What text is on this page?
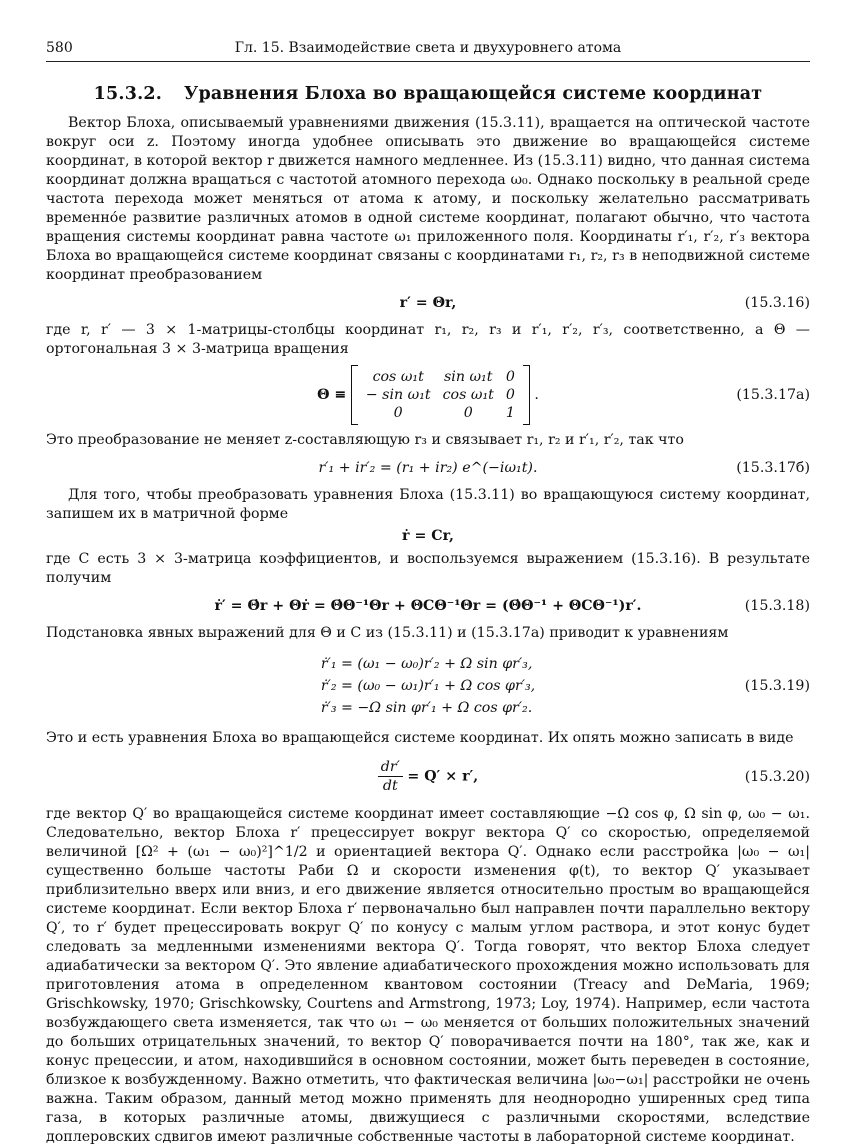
580	Гл. 15. Взаимодействие света и двухуровнего атома
15.3.2. Уравнения Блоха во вращающейся системе координат

Вектор Блоха, описываемый уравнениями движения (15.3.11), вращается на оптической частоте вокруг оси z. Поэтому иногда удобнее описывать это движение во вращающейся системе координат, в которой вектор r движется намного медленнее. Из (15.3.11) видно, что данная система координат должна вращаться с частотой атомного перехода ω₀. Однако поскольку в реальной среде частота перехода может меняться от атома к атому, и поскольку желательно рассматривать временно́е развитие различных атомов в одной системе координат, полагают обычно, что частота вращения системы координат равна частоте ω₁ приложенного поля. Координаты r′₁, r′₂, r′₃ вектора Блоха во вращающейся системе координат связаны с координатами r₁, r₂, r₃ в неподвижной системе координат преобразованием

r′ = Θr,	(15.3.16)

где r, r′ — 3 × 1-матрицы-столбцы координат r₁, r₂, r₃ и r′₁, r′₂, r′₃, соответственно, а Θ — ортогональная 3 × 3-матрица вращения

Θ ≡
cos ω₁t	sin ω₁t	0
− sin ω₁t	cos ω₁t	0
0	0	1
.	(15.3.17а)

Это преобразование не меняет z-составляющую r₃ и связывает r₁, r₂ и r′₁, r′₂, так что

r′₁ + ir′₂ = (r₁ + ir₂) e^(−iω₁t).	(15.3.17б)

Для того, чтобы преобразовать уравнения Блоха (15.3.11) во вращающуюся систему координат, запишем их в матричной форме

ṙ = Cr,

где C есть 3 × 3-матрица коэффициентов, и воспользуемся выражением (15.3.16). В результате получим

ṙ′ = Θ̇r + Θṙ = Θ̇Θ⁻¹Θr + ΘCΘ⁻¹Θr = (Θ̇Θ⁻¹ + ΘCΘ⁻¹)r′.	(15.3.18)

Подстановка явных выражений для Θ и C из (15.3.11) и (15.3.17а) приводит к уравнениям

ṙ′₁ = (ω₁ − ω₀)r′₂ + Ω sin φr′₃,
ṙ′₂ = (ω₀ − ω₁)r′₁ + Ω cos φr′₃,
ṙ′₃ = −Ω sin φr′₁ + Ω cos φr′₂.
(15.3.19)

Это и есть уравнения Блоха во вращающейся системе координат. Их опять можно записать в виде

$\frac{dr'}{dt} = Q' \times r'$,	(15.3.20)

где вектор Q′ во вращающейся системе координат имеет составляющие −Ω cos φ, Ω sin φ, ω₀ − ω₁. Следовательно, вектор Блоха r′ прецессирует вокруг вектора Q′ со скоростью, определяемой величиной [Ω² + (ω₁ − ω₀)²]^1/2 и ориентацией вектора Q′. Однако если расстройка |ω₀ − ω₁| существенно больше частоты Раби Ω и скорости изменения φ(t), то вектор Q′ указывает приблизительно вверх или вниз, и его движение является относительно простым во вращающейся системе координат. Если вектор Блоха r′ первоначально был направлен почти параллельно вектору Q′, то r′ будет прецессировать вокруг Q′ по конусу с малым углом раствора, и этот конус будет следовать за медленными изменениями вектора Q′. Тогда говорят, что вектор Блоха следует адиабатически за вектором Q′. Это явление адиабатического прохождения можно использовать для приготовления атома в определенном квантовом состоянии (Treacy and DeMaria, 1969; Grischkowsky, 1970; Grischkowsky, Courtens and Armstrong, 1973; Loy, 1974). Например, если частота возбуждающего света изменяется, так что ω₁ − ω₀ меняется от больших положительных значений до больших отрицательных значений, то вектор Q′ поворачивается почти на 180°, так же, как и конус прецессии, и атом, находившийся в основном состоянии, может быть переведен в состояние, близкое к возбужденному. Важно отметить, что фактическая величина |ω₀−ω₁| расстройки не очень важна. Таким образом, данный метод можно применять для неоднородно уширенных сред типа газа, в которых различные атомы, движущиеся с различными скоростями, вследствие доплеровских сдвигов имеют различные собственные частоты в лабораторной системе координат.
